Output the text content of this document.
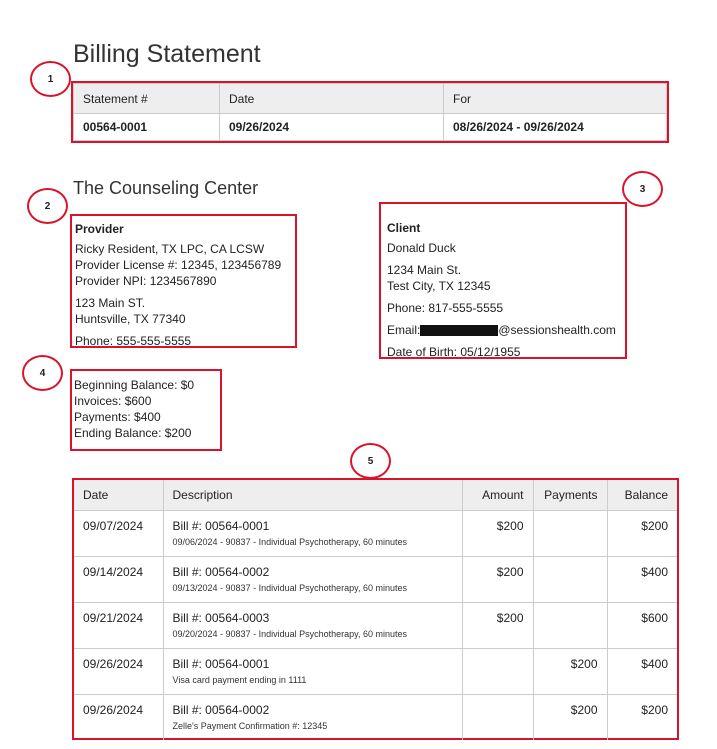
Billing Statement
1
Statement #	Date	For
00564-0001	09/26/2024	08/26/2024 - 09/26/2024
The Counseling Center
2
Provider
Ricky Resident, TX LPC, CA LCSW
Provider License #: 12345, 123456789
Provider NPI: 1234567890
123 Main ST.
Huntsville, TX 77340
Phone: 555-555-5555
3
Client
Donald Duck
1234 Main St.
Test City, TX 12345
Phone: 817-555-5555
Email:	@sessionshealth.com
Date of Birth: 05/12/1955
4
Beginning Balance: $0
Invoices: $600
Payments: $400
Ending Balance: $200
5
Date	Description	Amount	Payments	Balance
09/07/2024	Bill #: 00564-0001
09/06/2024 - 90837 - Individual Psychotherapy, 60 minutes	$200		$200
09/14/2024	Bill #: 00564-0002
09/13/2024 - 90837 - Individual Psychotherapy, 60 minutes	$200		$400
09/21/2024	Bill #: 00564-0003
09/20/2024 - 90837 - Individual Psychotherapy, 60 minutes	$200		$600
09/26/2024	Bill #: 00564-0001
Visa card payment ending in 1111		$200	$400
09/26/2024	Bill #: 00564-0002
Zelle's Payment Confirmation #: 12345		$200	$200
